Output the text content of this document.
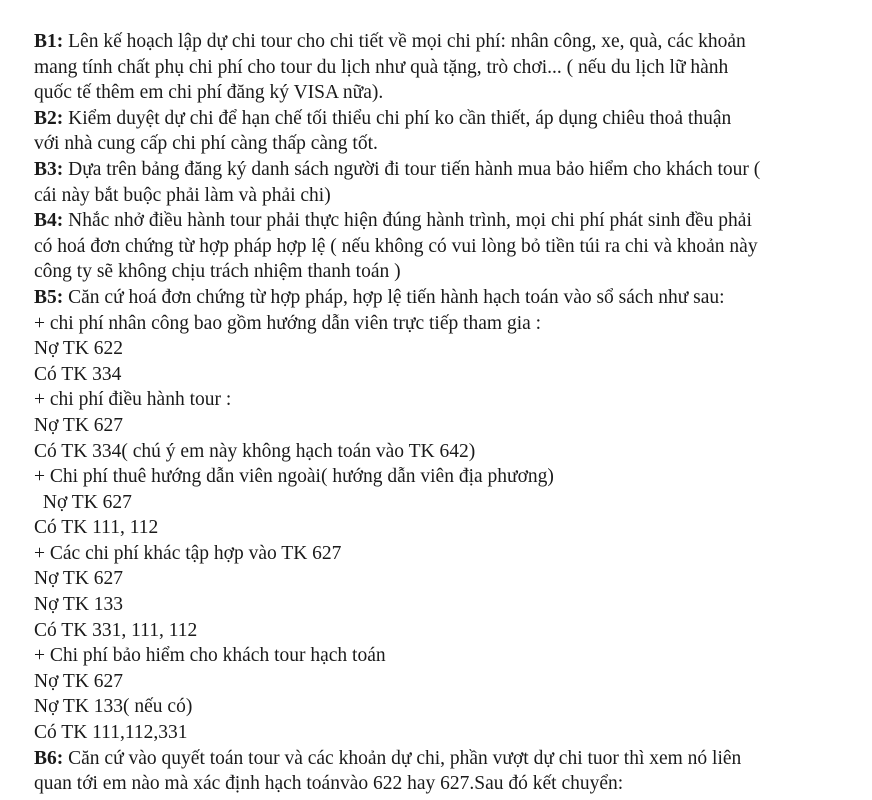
B1: Lên kế hoạch lập dự chi tour cho chi tiết về mọi chi phí: nhân công, xe, quà, các khoản
mang tính chất phụ chi phí cho tour du lịch như quà tặng, trò chơi... ( nếu du lịch lữ hành
quốc tế thêm em chi phí đăng ký VISA nữa).
B2: Kiểm duyệt dự chi để hạn chế tối thiểu chi phí ko cần thiết, áp dụng chiêu thoả thuận
với nhà cung cấp chi phí càng thấp càng tốt.
B3: Dựa trên bảng đăng ký danh sách người đi tour tiến hành mua bảo hiểm cho khách tour (
cái này bắt buộc phải làm và phải chi)
B4: Nhắc nhở điều hành tour phải thực hiện đúng hành trình, mọi chi phí phát sinh đều phải
có hoá đơn chứng từ hợp pháp hợp lệ ( nếu không có vui lòng bỏ tiền túi ra chi và khoản này
công ty sẽ không chịu trách nhiệm thanh toán )
B5: Căn cứ hoá đơn chứng từ hợp pháp, hợp lệ tiến hành hạch toán vào sổ sách như sau:
+ chi phí nhân công bao gồm hướng dẫn viên trực tiếp tham gia :
Nợ TK 622
Có TK 334
+ chi phí điều hành tour :
Nợ TK 627
Có TK 334( chú ý em này không hạch toán vào TK 642)
+ Chi phí thuê hướng dẫn viên ngoài( hướng dẫn viên địa phương)
Nợ TK 627
Có TK 111, 112
+ Các chi phí khác tập hợp vào TK 627
Nợ TK 627
Nợ TK 133
Có TK 331, 111, 112
+ Chi phí bảo hiểm cho khách tour hạch toán
Nợ TK 627
Nợ TK 133( nếu có)
Có TK 111,112,331
B6: Căn cứ vào quyết toán tour và các khoản dự chi, phần vượt dự chi tuor thì xem nó liên
quan tới em nào mà xác định hạch toánvào 622 hay 627.Sau đó kết chuyển:
